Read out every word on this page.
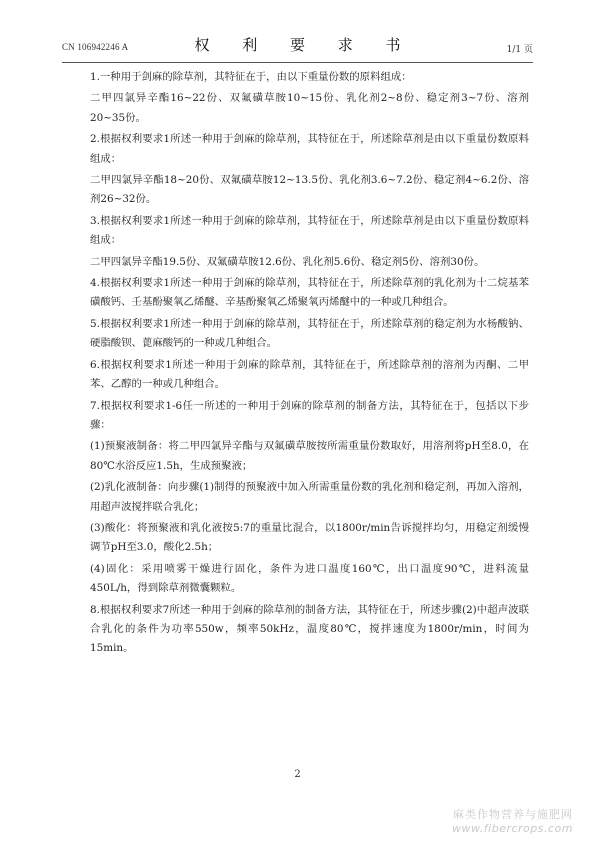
CN 106942246 A	权 利 要 求 书	1/1 页

1.一种用于剑麻的除草剂，其特征在于，由以下重量份数的原料组成：

二甲四氯异辛酯16~22份、双氟磺草胺10~15份、乳化剂2~8份、稳定剂3~7份、溶剂20~35份。

2.根据权利要求1所述一种用于剑麻的除草剂，其特征在于，所述除草剂是由以下重量份数原料组成：

二甲四氯异辛酯18~20份、双氟磺草胺12~13.5份、乳化剂3.6~7.2份、稳定剂4~6.2份、溶剂26~32份。

3.根据权利要求1所述一种用于剑麻的除草剂，其特征在于，所述除草剂是由以下重量份数原料组成：

二甲四氯异辛酯19.5份、双氟磺草胺12.6份、乳化剂5.6份、稳定剂5份、溶剂30份。

4.根据权利要求1所述一种用于剑麻的除草剂，其特征在于，所述除草剂的乳化剂为十二烷基苯磺酸钙、壬基酚聚氧乙烯醚、辛基酚聚氧乙烯聚氧丙烯醚中的一种或几种组合。

5.根据权利要求1所述一种用于剑麻的除草剂，其特征在于，所述除草剂的稳定剂为水杨酸钠、硬脂酸钡、蓖麻酸钙的一种或几种组合。

6.根据权利要求1所述一种用于剑麻的除草剂，其特征在于，所述除草剂的溶剂为丙酮、二甲苯、乙醇的一种或几种组合。

7.根据权利要求1-6任一所述的一种用于剑麻的除草剂的制备方法，其特征在于，包括以下步骤：

(1)预聚液制备：将二甲四氯异辛酯与双氟磺草胺按所需重量份数取好，用溶剂将pH至8.0，在80℃水浴反应1.5h，生成预聚液；

(2)乳化液制备：向步骤(1)制得的预聚液中加入所需重量份数的乳化剂和稳定剂，再加入溶剂，用超声波搅拌联合乳化；

(3)酸化：将预聚液和乳化液按5:7的重量比混合，以1800r/min告诉搅拌均匀，用稳定剂缓慢调节pH至3.0，酸化2.5h；

(4)固化：采用喷雾干燥进行固化，条件为进口温度160℃，出口温度90℃，进料流量450L/h，得到除草剂微囊颗粒。

8.根据权利要求7所述一种用于剑麻的除草剂的制备方法，其特征在于，所述步骤(2)中超声波联合乳化的条件为功率550w，频率50kHz，温度80℃，搅拌速度为1800r/min，时间为15min。

2
麻类作物营养与施肥网
www.fibercrops.com
